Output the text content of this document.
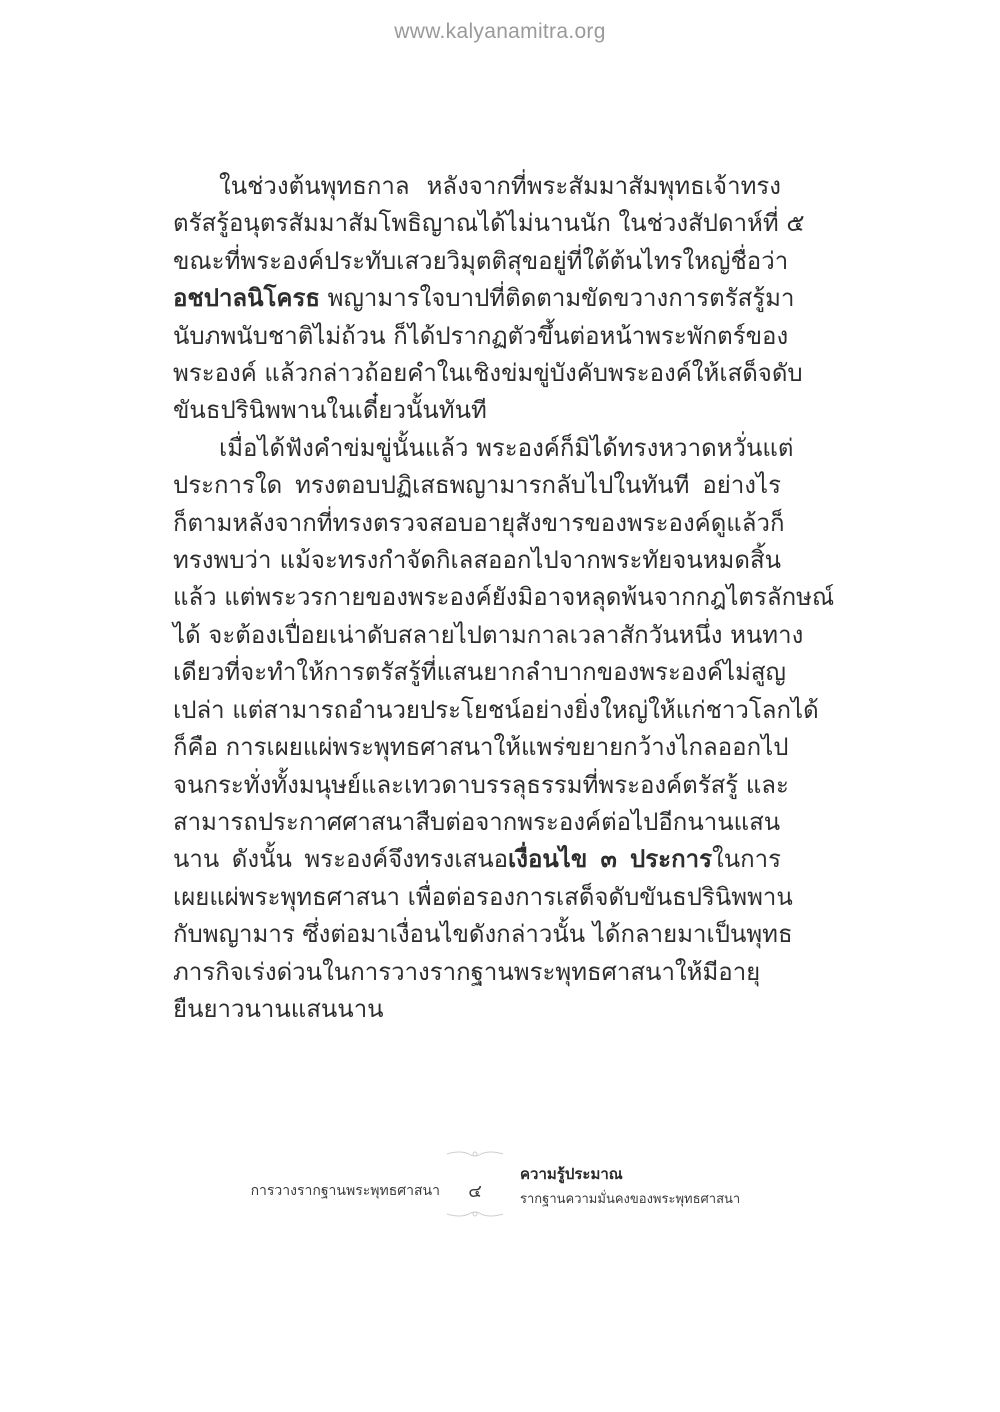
www.kalyanamitra.org

ในช่วงต้นพุทธกาล หลังจากที่พระสัมมาสัมพุทธเจ้าทรง
ตรัสรู้อนุตรสัมมาสัมโพธิญาณได้ไม่นานนัก ในช่วงสัปดาห์ที่ ๕
ขณะที่พระองค์ประทับเสวยวิมุตติสุขอยู่ที่ใต้ต้นไทรใหญ่ชื่อว่า
อชปาลนิโครธ พญามารใจบาปที่ติดตามขัดขวางการตรัสรู้มา
นับภพนับชาติไม่ถ้วน ก็ได้ปรากฏตัวขึ้นต่อหน้าพระพักตร์ของ
พระองค์ แล้วกล่าวถ้อยคำในเชิงข่มขู่บังคับพระองค์ให้เสด็จดับ
ขันธปรินิพพานในเดี๋ยวนั้นทันที

เมื่อได้ฟังคำข่มขู่นั้นแล้ว พระองค์ก็มิได้ทรงหวาดหวั่นแต่
ประการใด ทรงตอบปฏิเสธพญามารกลับไปในทันที อย่างไร
ก็ตามหลังจากที่ทรงตรวจสอบอายุสังขารของพระองค์ดูแล้วก็
ทรงพบว่า แม้จะทรงกำจัดกิเลสออกไปจากพระทัยจนหมดสิ้น
แล้ว แต่พระวรกายของพระองค์ยังมิอาจหลุดพ้นจากกฎไตรลักษณ์
ได้ จะต้องเปื่อยเน่าดับสลายไปตามกาลเวลาสักวันหนึ่ง หนทาง
เดียวที่จะทำให้การตรัสรู้ที่แสนยากลำบากของพระองค์ไม่สูญ
เปล่า แต่สามารถอำนวยประโยชน์อย่างยิ่งใหญ่ให้แก่ชาวโลกได้
ก็คือ การเผยแผ่พระพุทธศาสนาให้แพร่ขยายกว้างไกลออกไป
จนกระทั่งทั้งมนุษย์และเทวดาบรรลุธรรมที่พระองค์ตรัสรู้ และ
สามารถประกาศศาสนาสืบต่อจากพระองค์ต่อไปอีกนานแสน
นาน ดังนั้น พระองค์จึงทรงเสนอเงื่อนไข ๓ ประการในการ
เผยแผ่พระพุทธศาสนา เพื่อต่อรองการเสด็จดับขันธปรินิพพาน
กับพญามาร ซึ่งต่อมาเงื่อนไขดังกล่าวนั้น ได้กลายมาเป็นพุทธ
ภารกิจเร่งด่วนในการวางรากฐานพระพุทธศาสนาให้มีอายุ
ยืนยาวนานแสนนาน

การวางรากฐานพระพุทธศาสนา	๔
ความรู้ประมาณ
รากฐานความมั่นคงของพระพุทธศาสนา
